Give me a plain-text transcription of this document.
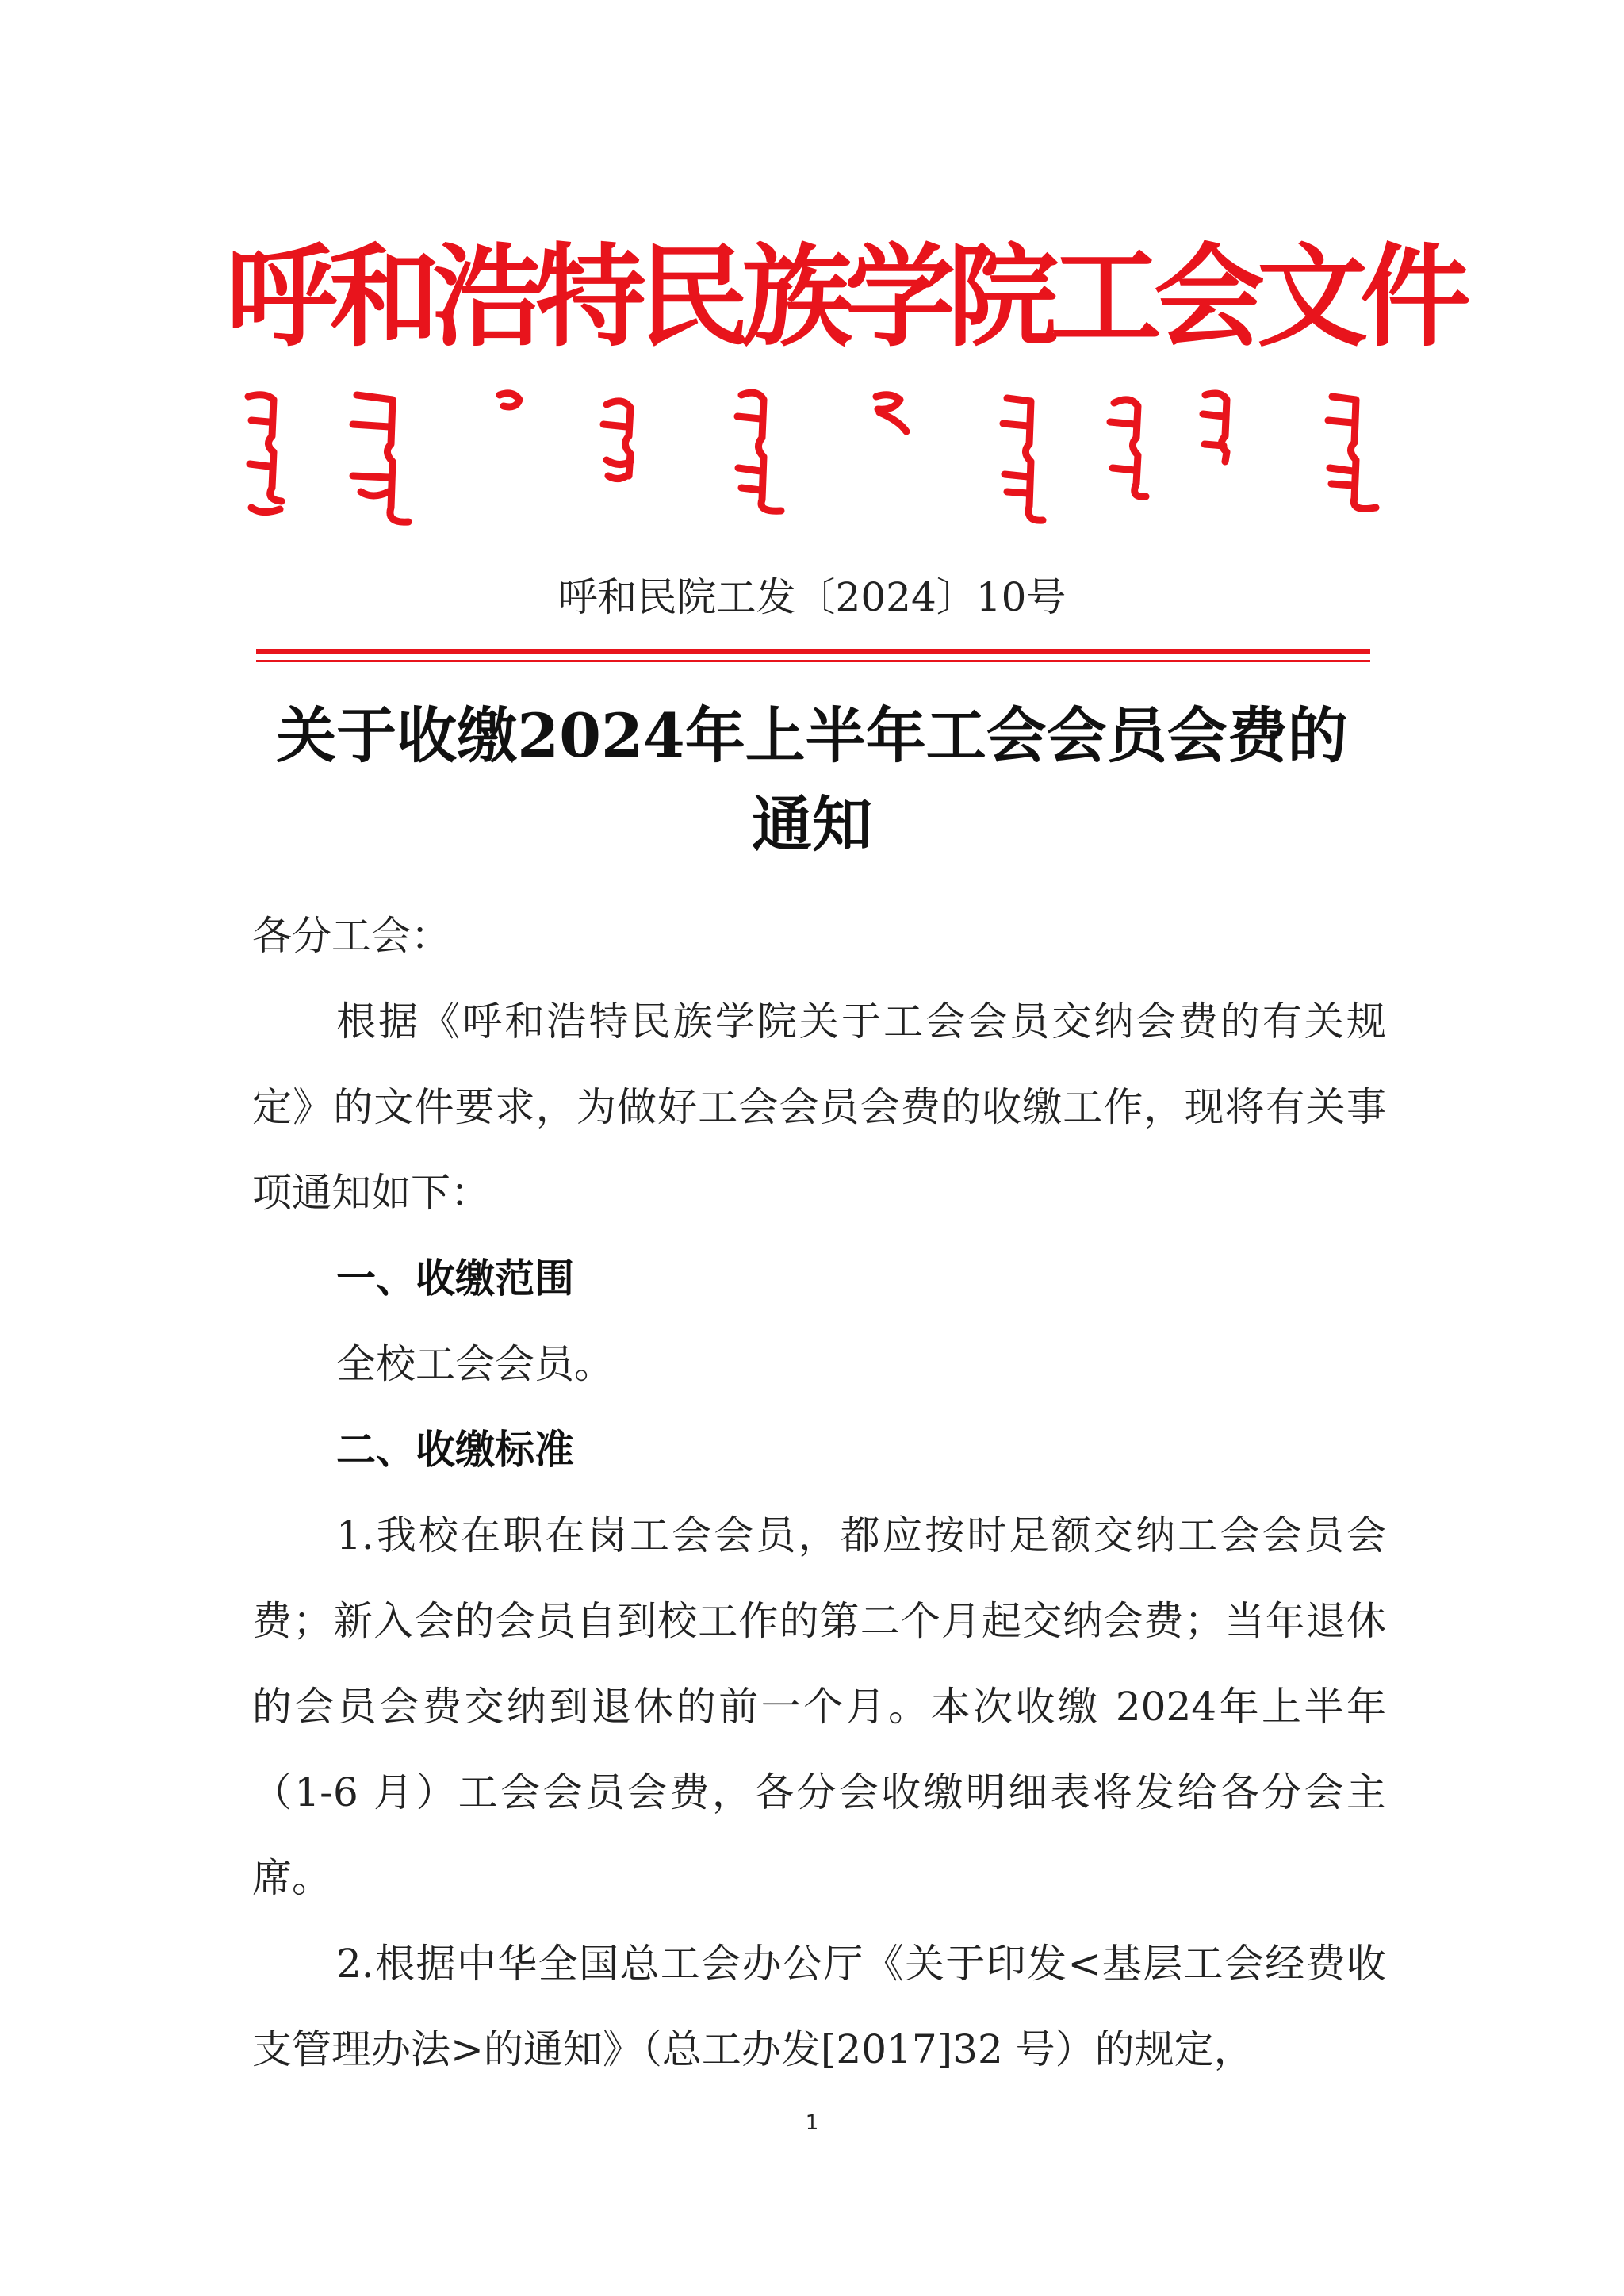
呼和浩特民族学院工会文件
呼和民院工发〔2024〕10号
关于收缴2024年上半年工会会员会费的
通知

各分工会：

根据《呼和浩特民族学院关于工会会员交纳会费的有关规定》的文件要求，为做好工会会员会费的收缴工作，现将有关事项通知如下：

一、收缴范围

全校工会会员。

二、收缴标准

1.我校在职在岗工会会员，都应按时足额交纳工会会员会费；新入会的会员自到校工作的第二个月起交纳会费；当年退休的会员会费交纳到退休的前一个月。本次收缴 2024年上半年（1-6 月）工会会员会费，各分会收缴明细表将发给各分会主席。

2.根据中华全国总工会办公厅《关于印发<基层工会经费收支管理办法>的通知》（总工办发[2017]32 号）的规定，

1
